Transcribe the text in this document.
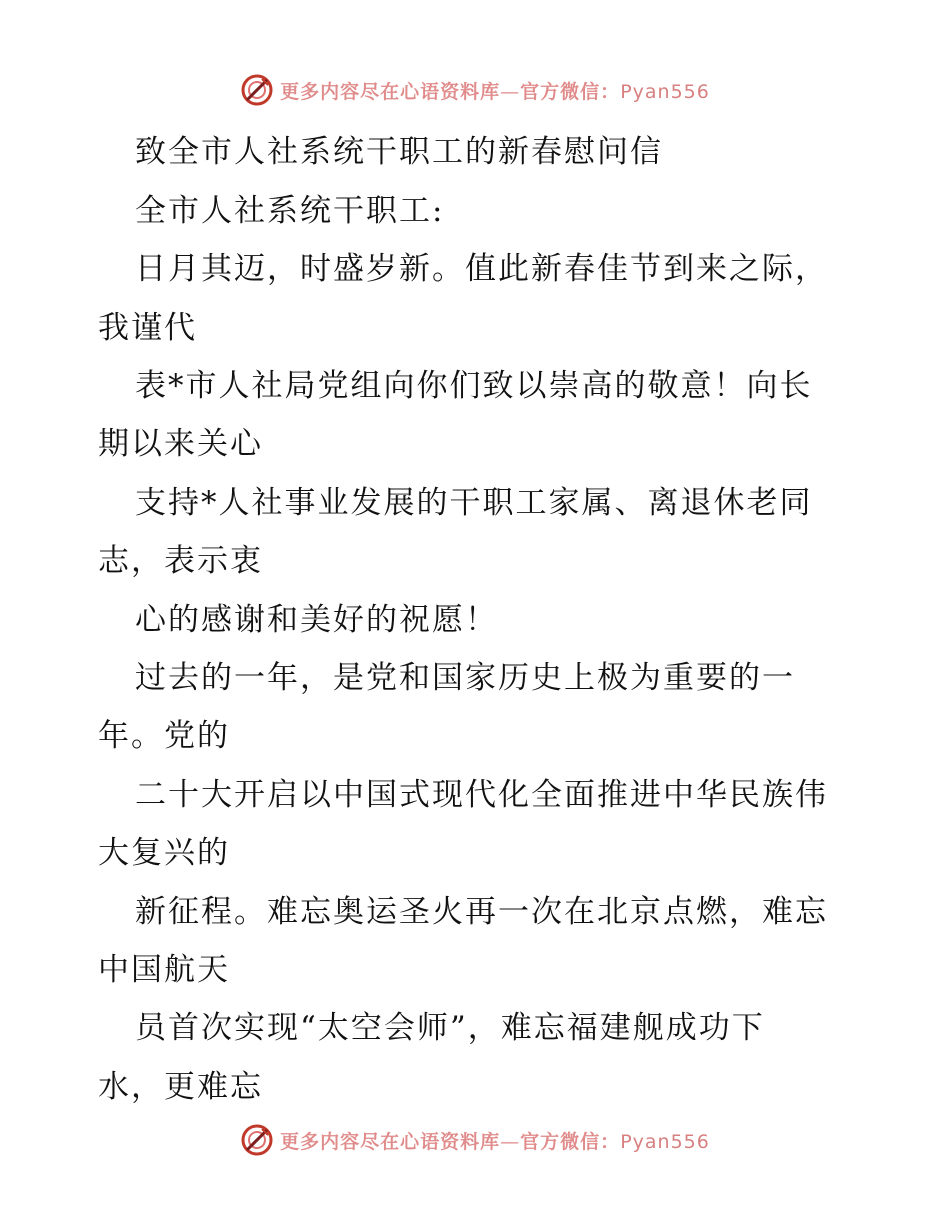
更多内容尽在心语资料库—官方微信：Pyan556
致全市人社系统干职工的新春慰问信
全市人社系统干职工:
日月其迈，时盛岁新。值此新春佳节到来之际，
我谨代
表*市人社局党组向你们致以崇高的敬意！向长
期以来关心
支持*人社事业发展的干职工家属、离退休老同
志，表示衷
心的感谢和美好的祝愿！
过去的一年，是党和国家历史上极为重要的一
年。党的
二十大开启以中国式现代化全面推进中华民族伟
大复兴的
新征程。难忘奥运圣火再一次在北京点燃，难忘
中国航天
员首次实现“太空会师”，难忘福建舰成功下
水，更难忘
更多内容尽在心语资料库—官方微信：Pyan556
